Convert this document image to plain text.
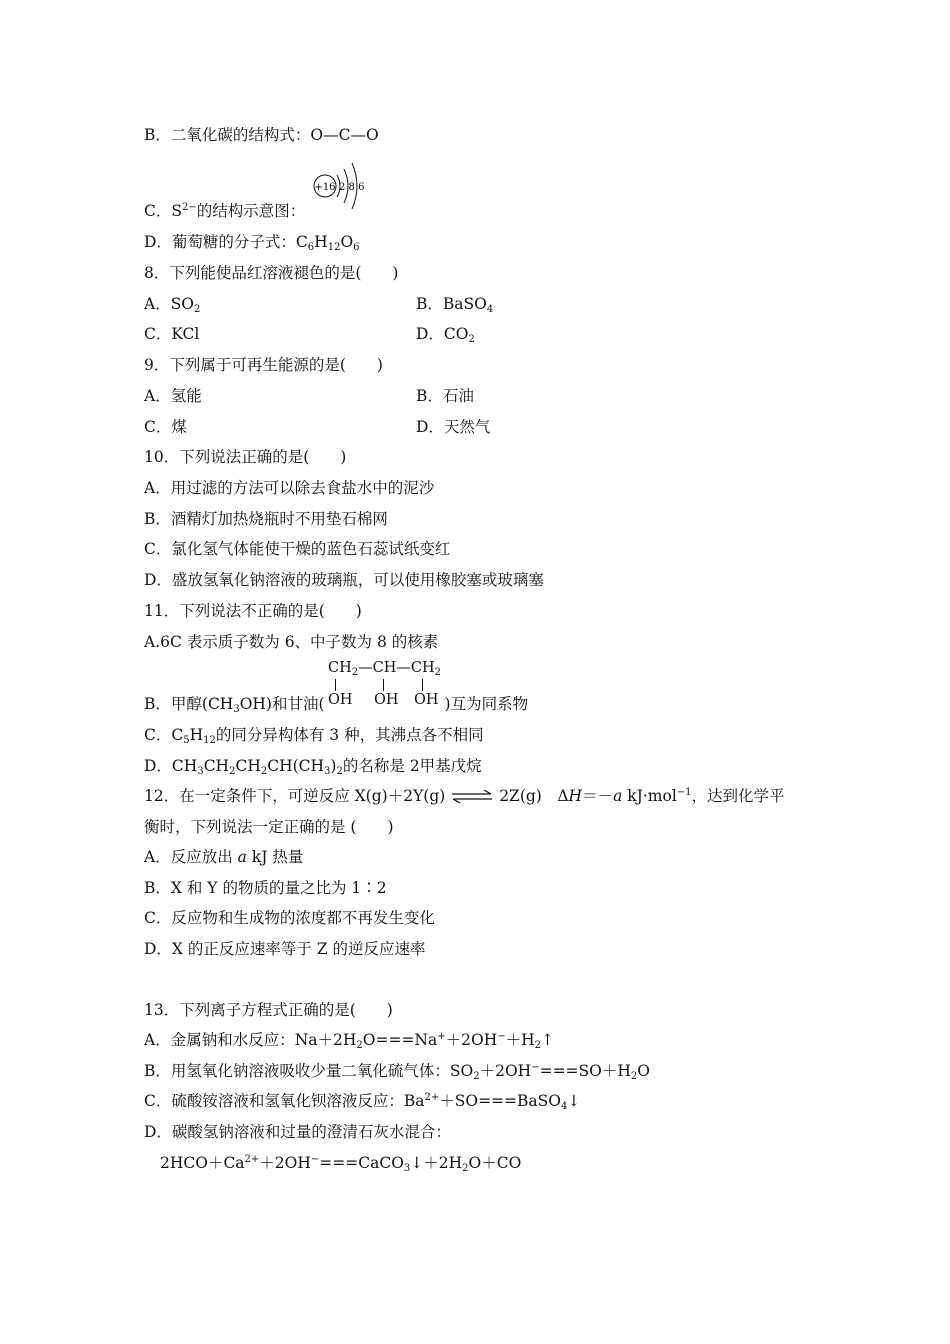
B．二氧化碳的结构式：O—C—O
+16 2 8 6
C．$S^{2-}$的结构示意图：
D．葡萄糖的分子式：$C_6H_{12}O_6$
8．下列能使品红溶液褪色的是(　　)
A．$SO_2$	B．BaSO$_4$
C．KCl	D．$CO_2$
9．下列属于可再生能源的是(　　)
A．氢能	B．石油
C．煤	D．天然气
10．下列说法正确的是(　　)
A．用过滤的方法可以除去食盐水中的泥沙
B．酒精灯加热烧瓶时不用垫石棉网
C．氯化氢气体能使干燥的蓝色石蕊试纸变红
D．盛放氢氧化钠溶液的玻璃瓶，可以使用橡胶塞或玻璃塞
11．下列说法不正确的是(　　)
A.6C 表示质子数为 6、中子数为 8 的核素
$CH_2—CH—CH_2$
OH OH OH
B．甲醇$(CH_3OH)$和甘油(	)互为同系物
C．$C_5H_{12}$的同分异构体有 3 种，其沸点各不相同
D．$CH_3CH_2CH_2CH(CH_3)_2$的名称是 2甲基戊烷
12．在一定条件下，可逆反应 X(g)＋2Y(g) ⇌ 2Z(g)　ΔH＝－a kJ·mol$^{-1}$，达到化学平
衡时，下列说法一定正确的是 (　　)
A．反应放出 a kJ 热量
B．X 和 Y 的物质的量之比为 1∶2
C．反应物和生成物的浓度都不再发生变化
D．X 的正反应速率等于 Z 的逆反应速率
13．下列离子方程式正确的是(　　)
A．金属钠和水反应：$Na+2H_2O===Na^++2OH^-+H_2↑$
B．用氢氧化钠溶液吸收少量二氧化硫气体：$SO_2+2OH^-===SO+H_2O$
C．硫酸铵溶液和氢氧化钡溶液反应：$Ba^{2+}+SO===BaSO_4↓$
D．碳酸氢钠溶液和过量的澄清石灰水混合：
$2HCO+Ca^{2+}+2OH^-===CaCO_3↓+2H_2O+CO$
